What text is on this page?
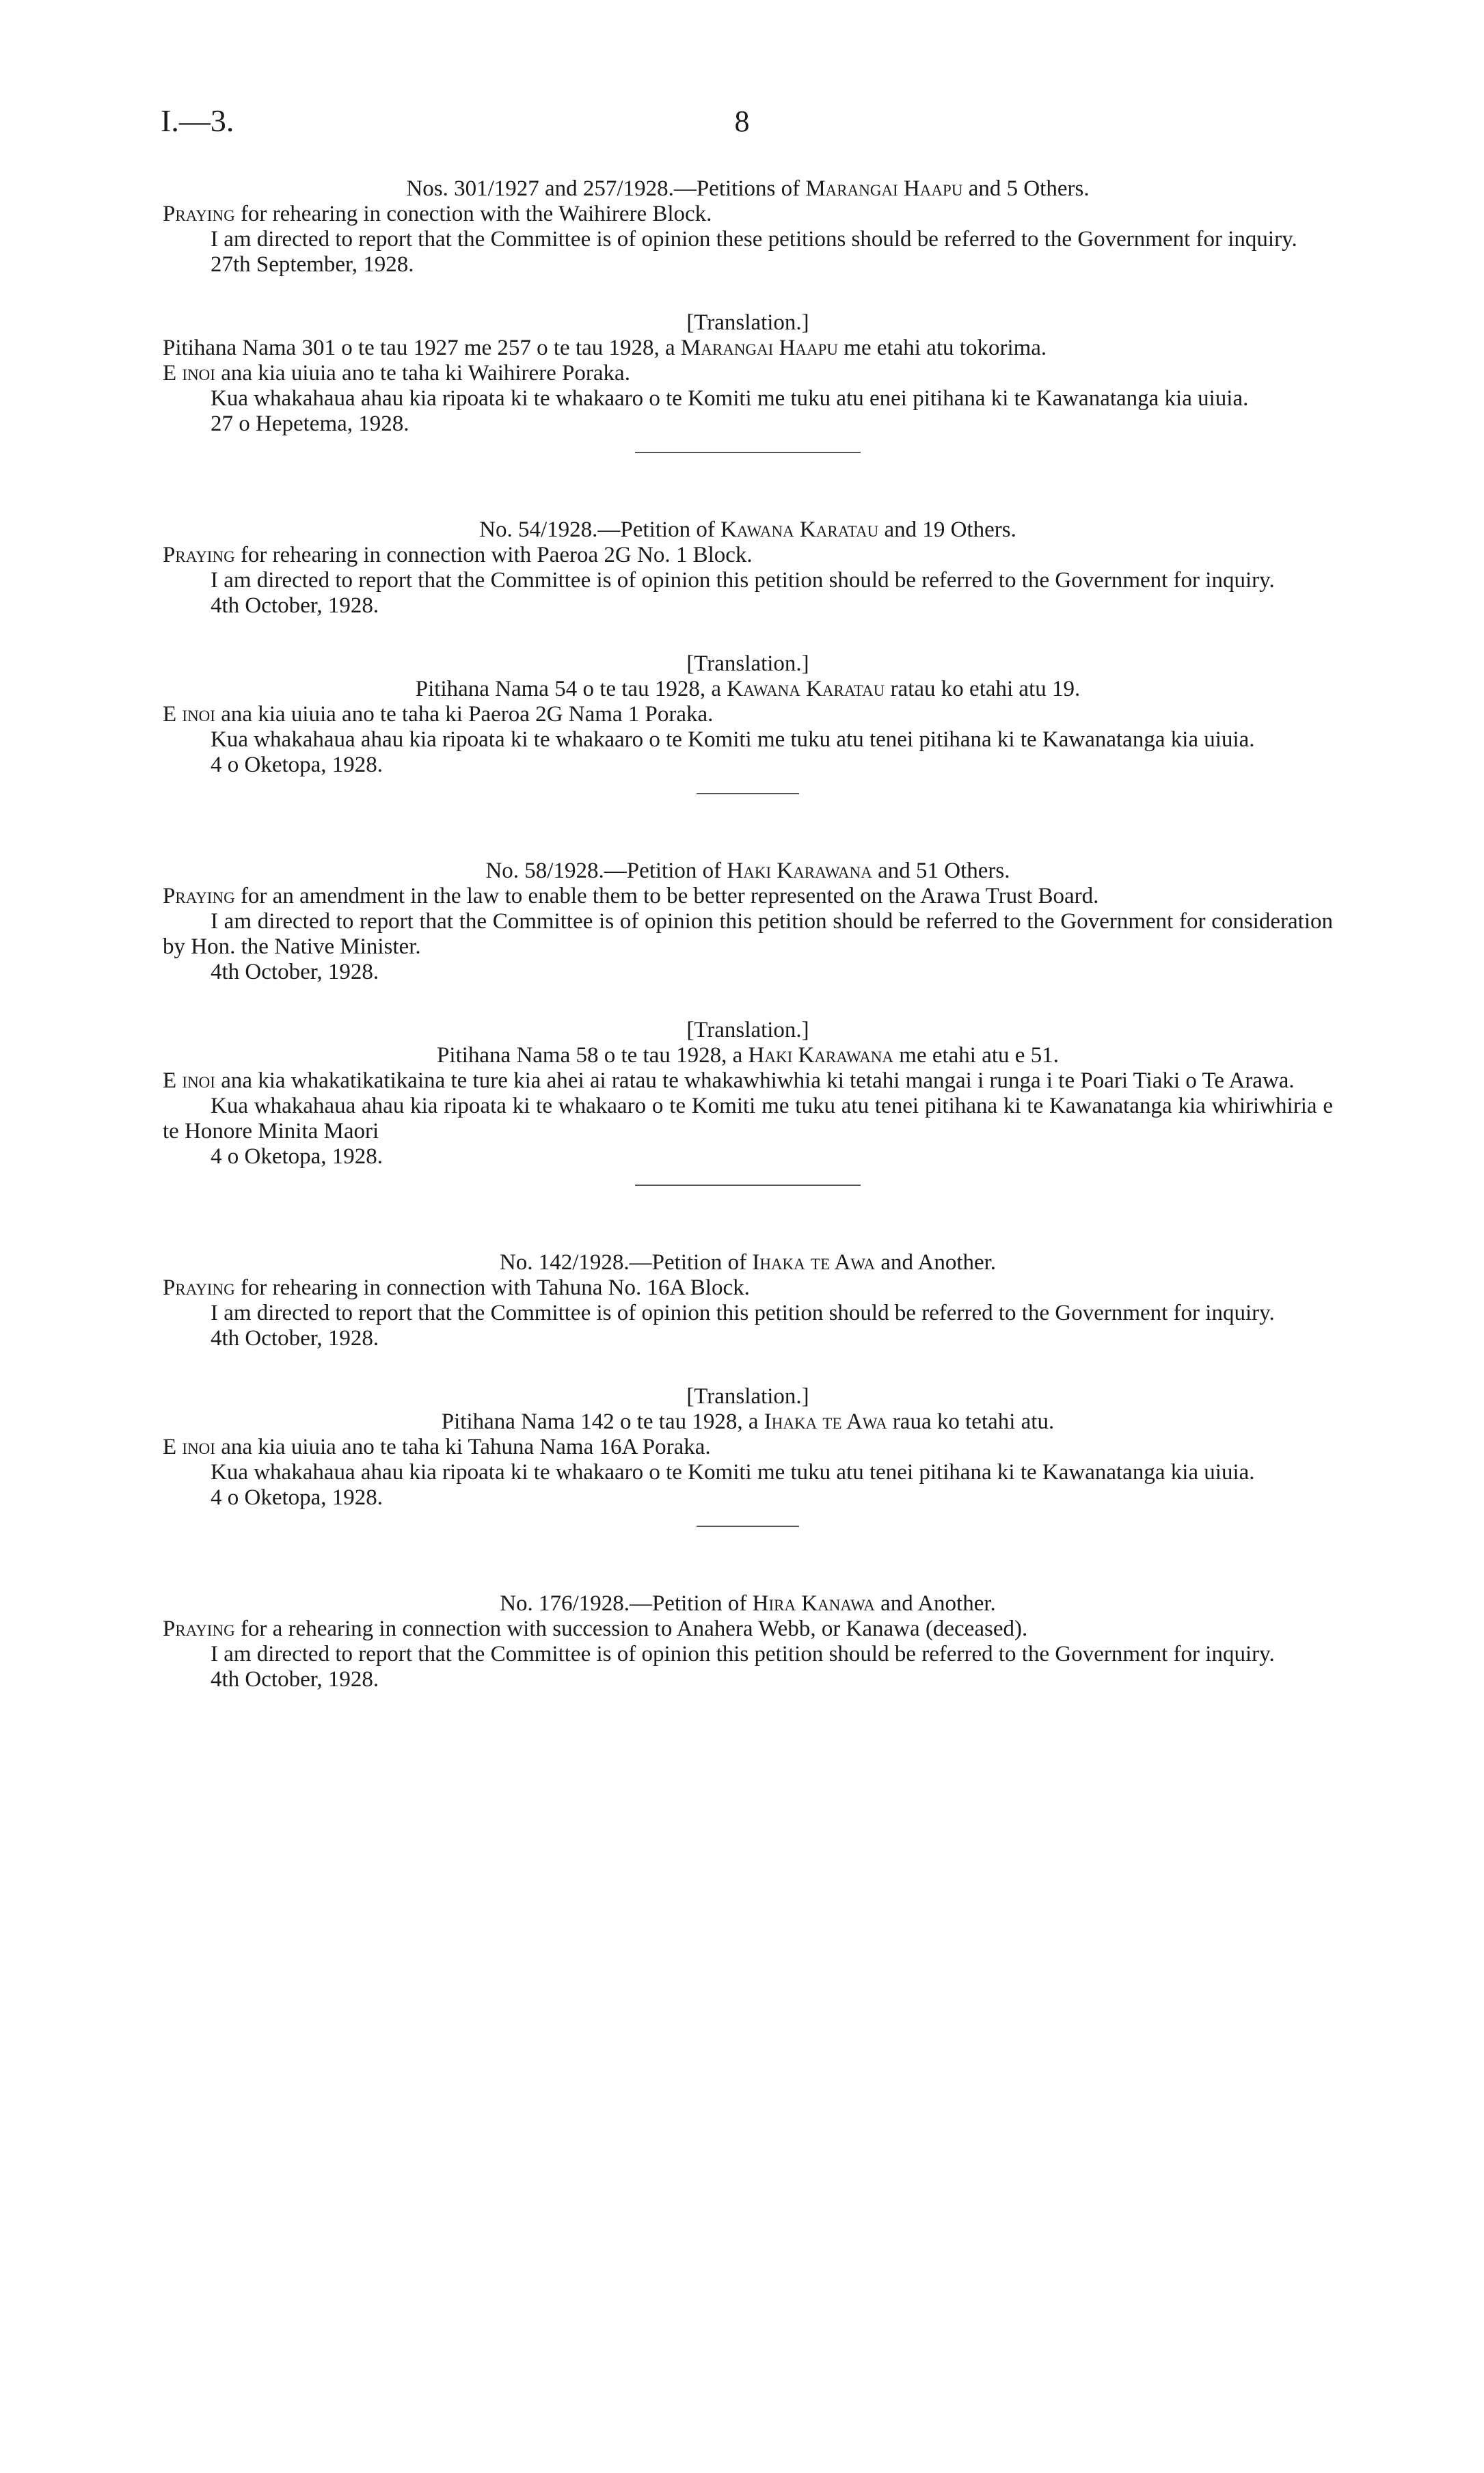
I.—3.	8

Nos. 301/1927 and 257/1928.—Petitions of Marangai Haapu and 5 Others.

Praying for rehearing in conection with the Waihirere Block.

I am directed to report that the Committee is of opinion these petitions should be referred to the Government for inquiry.

27th September, 1928.

[Translation.]

Pitihana Nama 301 o te tau 1927 me 257 o te tau 1928, a Marangai Haapu me etahi atu tokorima.

E inoi ana kia uiuia ano te taha ki Waihirere Poraka.

Kua whakahaua ahau kia ripoata ki te whakaaro o te Komiti me tuku atu enei pitihana ki te Kawanatanga kia uiuia.

27 o Hepetema, 1928.

No. 54/1928.—Petition of Kawana Karatau and 19 Others.

Praying for rehearing in connection with Paeroa 2G No. 1 Block.

I am directed to report that the Committee is of opinion this petition should be referred to the Government for inquiry.

4th October, 1928.

[Translation.]

Pitihana Nama 54 o te tau 1928, a Kawana Karatau ratau ko etahi atu 19.

E inoi ana kia uiuia ano te taha ki Paeroa 2G Nama 1 Poraka.

Kua whakahaua ahau kia ripoata ki te whakaaro o te Komiti me tuku atu tenei pitihana ki te Kawanatanga kia uiuia.

4 o Oketopa, 1928.

No. 58/1928.—Petition of Haki Karawana and 51 Others.

Praying for an amendment in the law to enable them to be better represented on the Arawa Trust Board.

I am directed to report that the Committee is of opinion this petition should be referred to the Government for consideration by Hon. the Native Minister.

4th October, 1928.

[Translation.]

Pitihana Nama 58 o te tau 1928, a Haki Karawana me etahi atu e 51.

E inoi ana kia whakatikatikaina te ture kia ahei ai ratau te whakawhiwhia ki tetahi mangai i runga i te Poari Tiaki o Te Arawa.

Kua whakahaua ahau kia ripoata ki te whakaaro o te Komiti me tuku atu tenei pitihana ki te Kawanatanga kia whiriwhiria e te Honore Minita Maori

4 o Oketopa, 1928.

No. 142/1928.—Petition of Ihaka te Awa and Another.

Praying for rehearing in connection with Tahuna No. 16A Block.

I am directed to report that the Committee is of opinion this petition should be referred to the Government for inquiry.

4th October, 1928.

[Translation.]

Pitihana Nama 142 o te tau 1928, a Ihaka te Awa raua ko tetahi atu.

E inoi ana kia uiuia ano te taha ki Tahuna Nama 16A Poraka.

Kua whakahaua ahau kia ripoata ki te whakaaro o te Komiti me tuku atu tenei pitihana ki te Kawanatanga kia uiuia.

4 o Oketopa, 1928.

No. 176/1928.—Petition of Hira Kanawa and Another.

Praying for a rehearing in connection with succession to Anahera Webb, or Kanawa (deceased).

I am directed to report that the Committee is of opinion this petition should be referred to the Government for inquiry.

4th October, 1928.
